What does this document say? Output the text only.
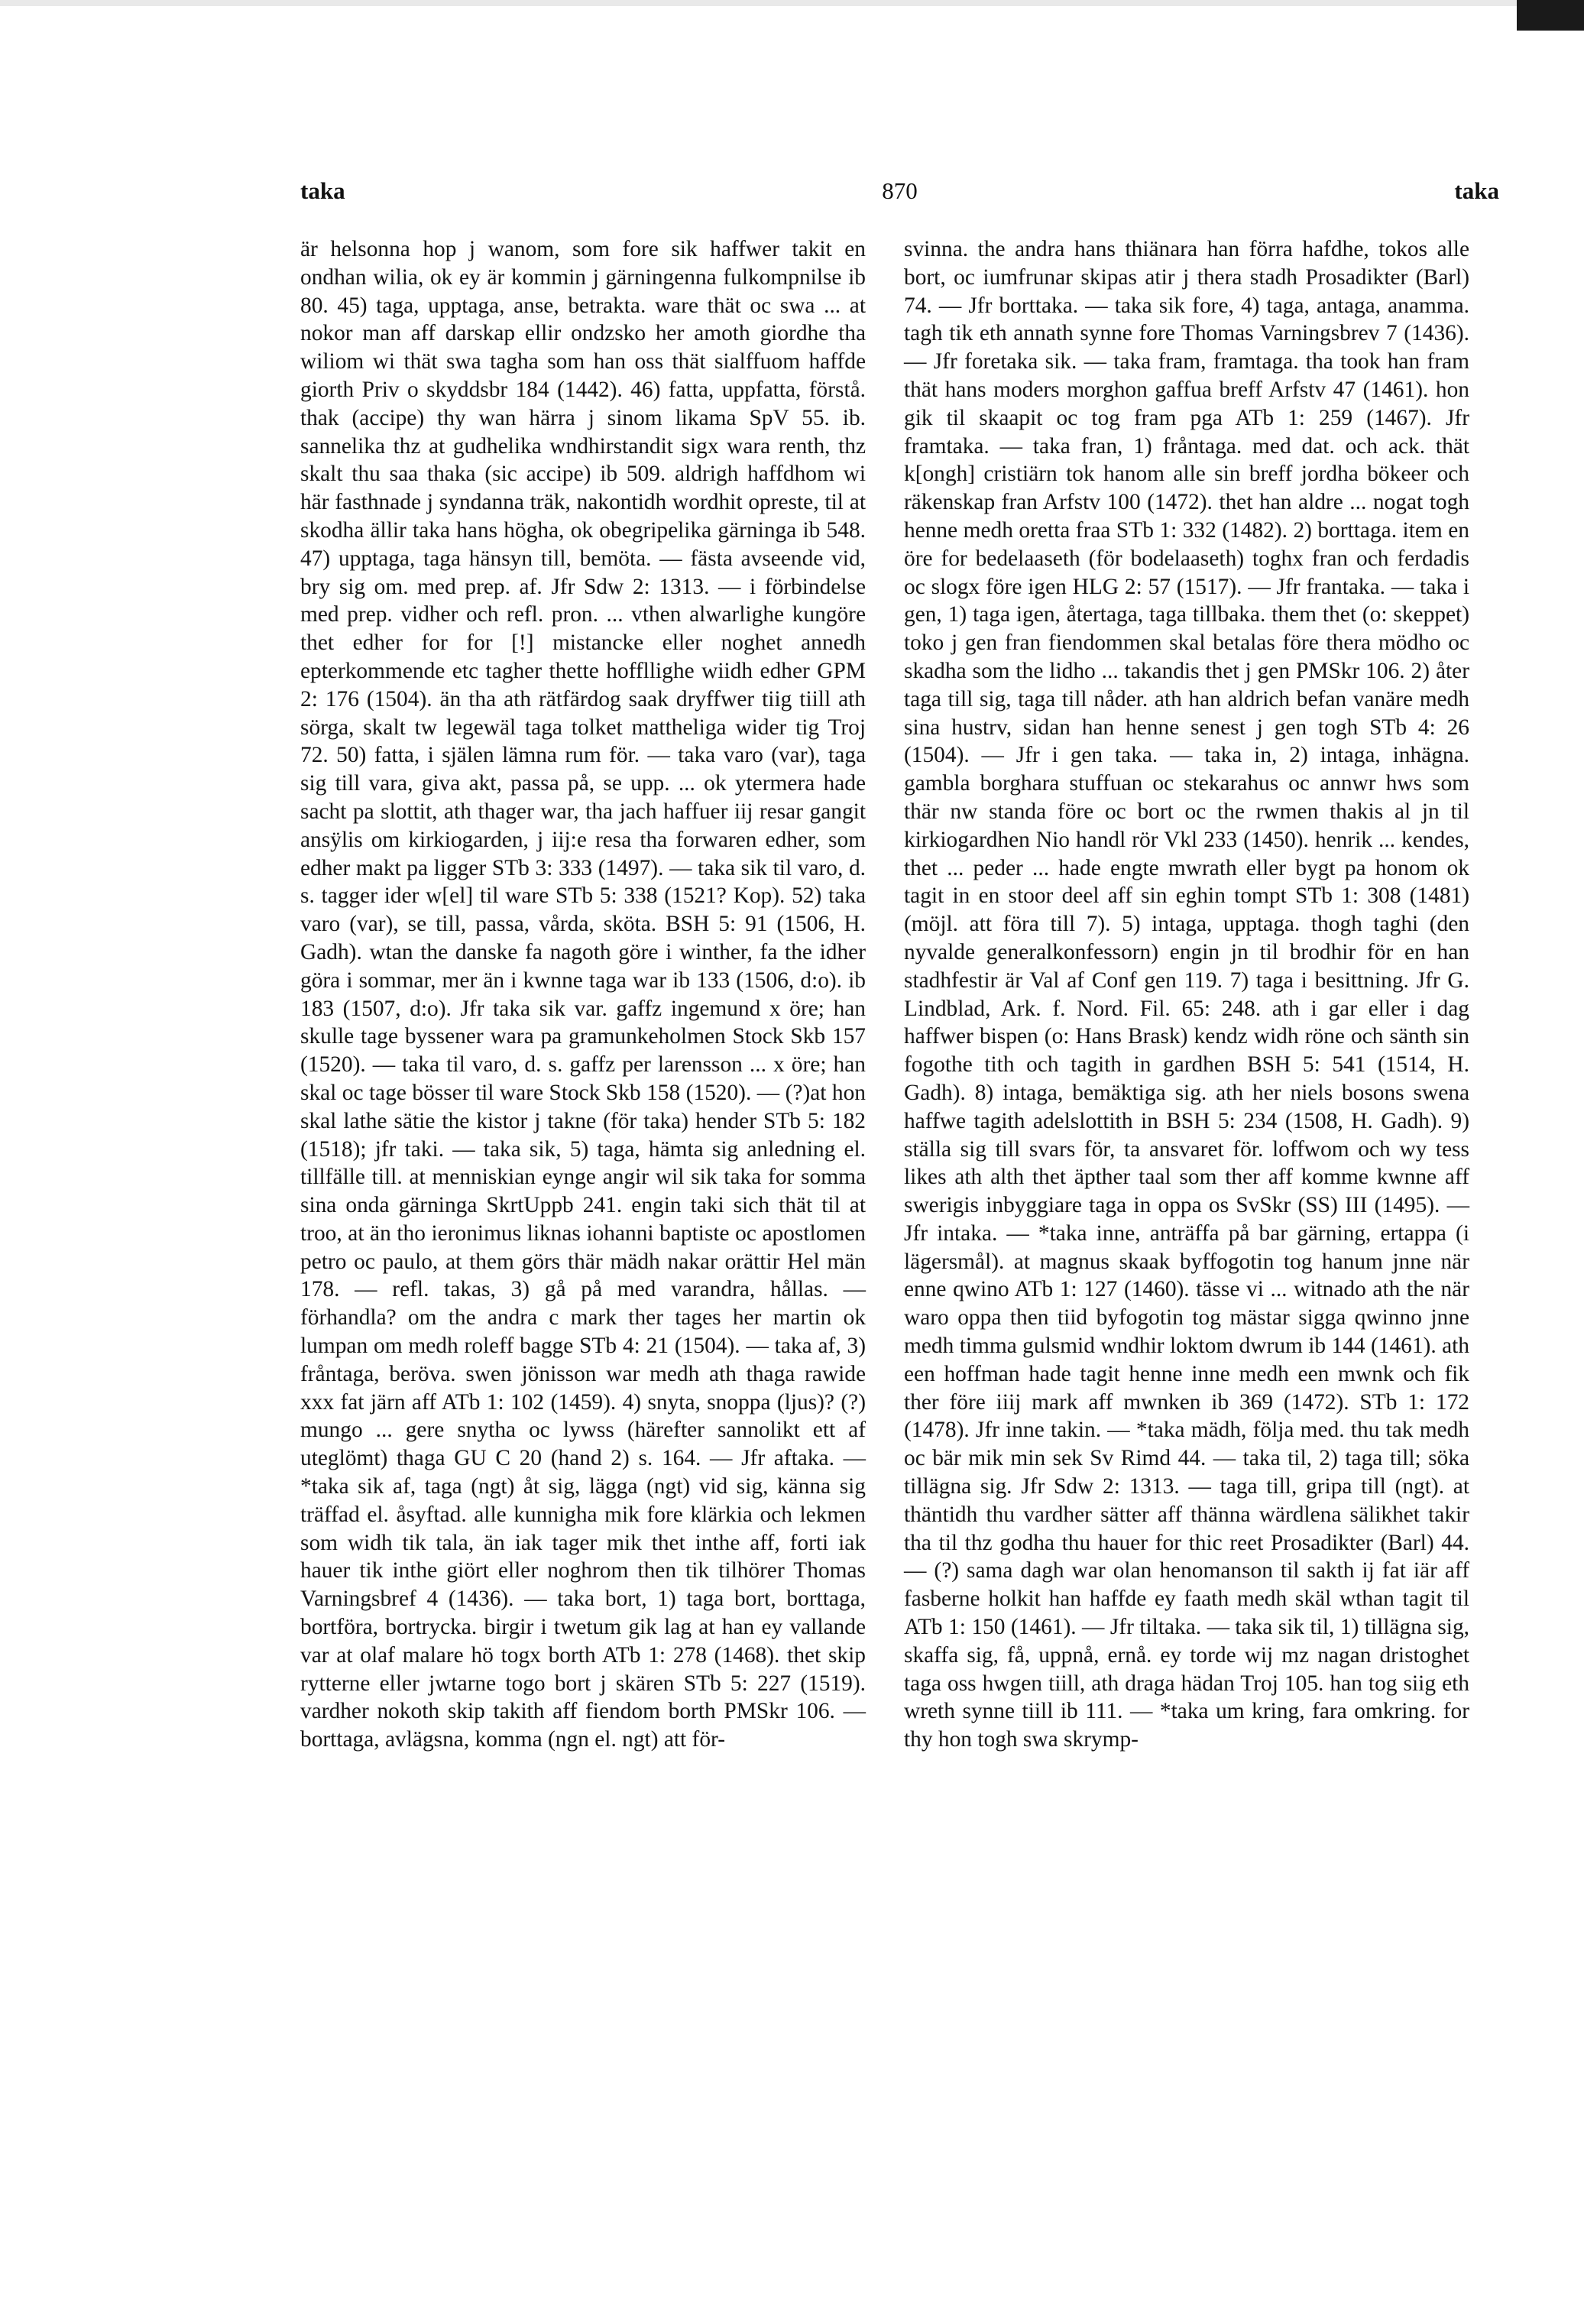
taka	870	taka

är helsonna hop j wanom, som fore sik haffwer takit en ondhan wilia, ok ey är kommin j gärningenna fulkompnilse ib 80. 45) taga, upptaga, anse, betrakta. ware thät oc swa ... at nokor man aff darskap ellir ondzsko her amoth giordhe tha wiliom wi thät swa tagha som han oss thät sialffuom haffde giorth Priv o skyddsbr 184 (1442). 46) fatta, uppfatta, förstå. thak (accipe) thy wan härra j sinom likama SpV 55. ib. sannelika thz at gudhelika wndhirstandit sigx wara renth, thz skalt thu saa thaka (sic accipe) ib 509. aldrigh haffdhom wi här fasthnade j syndanna träk, nakontidh wordhit opreste, til at skodha ällir taka hans högha, ok obegripelika gärninga ib 548. 47) upptaga, taga hänsyn till, bemöta. — fästa avseende vid, bry sig om. med prep. af. Jfr Sdw 2: 1313. — i förbindelse med prep. vidher och refl. pron. ... vthen alwarlighe kungöre thet edher for for [!] mistancke eller noghet annedh epterkommende etc tagher thette hoffllighe wiidh edher GPM 2: 176 (1504). än tha ath rätfärdog saak dryffwer tiig tiill ath sörga, skalt tw legewäl taga tolket mattheliga wider tig Troj 72. 50) fatta, i själen lämna rum för. — taka varo (var), taga sig till vara, giva akt, passa på, se upp. ... ok ytermera hade sacht pa slottit, ath thager war, tha jach haffuer iij resar gangit ansÿlis om kirkiogarden, j iij:e resa tha forwaren edher, som edher makt pa ligger STb 3: 333 (1497). — taka sik til varo, d. s. tagger ider w[el] til ware STb 5: 338 (1521? Kop). 52) taka varo (var), se till, passa, vårda, sköta. BSH 5: 91 (1506, H. Gadh). wtan the danske fa nagoth göre i winther, fa the idher göra i sommar, mer än i kwnne taga war ib 133 (1506, d:o). ib 183 (1507, d:o). Jfr taka sik var. gaffz ingemund x öre; han skulle tage byssener wara pa gramunkeholmen Stock Skb 157 (1520). — taka til varo, d. s. gaffz per larensson ... x öre; han skal oc tage bösser til ware Stock Skb 158 (1520). — (?)at hon skal lathe sätie the kistor j takne (för taka) hender STb 5: 182 (1518); jfr taki. — taka sik, 5) taga, hämta sig anledning el. tillfälle till. at menniskian eynge angir wil sik taka for somma sina onda gärninga SkrtUppb 241. engin taki sich thät til at troo, at än tho ieronimus liknas iohanni baptiste oc apostlomen petro oc paulo, at them görs thär mädh nakar orättir Hel män 178. — refl. takas, 3) gå på med varandra, hållas. — förhandla? om the andra c mark ther tages her martin ok lumpan om medh roleff bagge STb 4: 21 (1504). — taka af, 3) fråntaga, beröva. swen jönisson war medh ath thaga rawide xxx fat järn aff ATb 1: 102 (1459). 4) snyta, snoppa (ljus)? (?) mungo ... gere snytha oc lywss (härefter sannolikt ett af uteglömt) thaga GU C 20 (hand 2) s. 164. — Jfr aftaka. — *taka sik af, taga (ngt) åt sig, lägga (ngt) vid sig, känna sig träffad el. åsyftad. alle kunnigha mik fore klärkia och lekmen som widh tik tala, än iak tager mik thet inthe aff, forti iak hauer tik inthe giört eller noghrom then tik tilhörer Thomas Varningsbref 4 (1436). — taka bort, 1) taga bort, borttaga, bortföra, bortrycka. birgir i twetum gik lag at han ey vallande var at olaf malare hö togx borth ATb 1: 278 (1468). thet skip rytterne eller jwtarne togo bort j skären STb 5: 227 (1519). vardher nokoth skip takith aff fiendom borth PMSkr 106. — borttaga, avlägsna, komma (ngn el. ngt) att för-

svinna. the andra hans thiänara han förra hafdhe, tokos alle bort, oc iumfrunar skipas atir j thera stadh Prosadikter (Barl) 74. — Jfr borttaka. — taka sik fore, 4) taga, antaga, anamma. tagh tik eth annath synne fore Thomas Varningsbrev 7 (1436). — Jfr foretaka sik. — taka fram, framtaga. tha took han fram thät hans moders morghon gaffua breff Arfstv 47 (1461). hon gik til skaapit oc tog fram pga ATb 1: 259 (1467). Jfr framtaka. — taka fran, 1) fråntaga. med dat. och ack. thät k[ongh] cristiärn tok hanom alle sin breff jordha bökeer och räkenskap fran Arfstv 100 (1472). thet han aldre ... nogat togh henne medh oretta fraa STb 1: 332 (1482). 2) borttaga. item en öre for bedelaaseth (för bodelaaseth) toghx fran och ferdadis oc slogx före igen HLG 2: 57 (1517). — Jfr frantaka. — taka i gen, 1) taga igen, återtaga, taga tillbaka. them thet (o: skeppet) toko j gen fran fiendommen skal betalas före thera mödho oc skadha som the lidho ... takandis thet j gen PMSkr 106. 2) åter taga till sig, taga till nåder. ath han aldrich befan vanäre medh sina hustrv, sidan han henne senest j gen togh STb 4: 26 (1504). — Jfr i gen taka. — taka in, 2) intaga, inhägna. gambla borghara stuffuan oc stekarahus oc annwr hws som thär nw standa före oc bort oc the rwmen thakis al jn til kirkiogardhen Nio handl rör Vkl 233 (1450). henrik ... kendes, thet ... peder ... hade engte mwrath eller bygt pa honom ok tagit in en stoor deel aff sin eghin tompt STb 1: 308 (1481) (möjl. att föra till 7). 5) intaga, upptaga. thogh taghi (den nyvalde generalkonfessorn) engin jn til brodhir för en han stadhfestir är Val af Conf gen 119. 7) taga i besittning. Jfr G. Lindblad, Ark. f. Nord. Fil. 65: 248. ath i gar eller i dag haffwer bispen (o: Hans Brask) kendz widh röne och sänth sin fogothe tith och tagith in gardhen BSH 5: 541 (1514, H. Gadh). 8) intaga, bemäktiga sig. ath her niels bosons swena haffwe tagith adelslottith in BSH 5: 234 (1508, H. Gadh). 9) ställa sig till svars för, ta ansvaret för. loffwom och wy tess likes ath alth thet äpther taal som ther aff komme kwnne aff swerigis inbyggiare taga in oppa os SvSkr (SS) III (1495). — Jfr intaka. — *taka inne, anträffa på bar gärning, ertappa (i lägersmål). at magnus skaak byffogotin tog hanum jnne när enne qwino ATb 1: 127 (1460). tässe vi ... witnado ath the när waro oppa then tiid byfogotin tog mästar sigga qwinno jnne medh timma gulsmid wndhir loktom dwrum ib 144 (1461). ath een hoffman hade tagit henne inne medh een mwnk och fik ther före iiij mark aff mwnken ib 369 (1472). STb 1: 172 (1478). Jfr inne takin. — *taka mädh, följa med. thu tak medh oc bär mik min sek Sv Rimd 44. — taka til, 2) taga till; söka tillägna sig. Jfr Sdw 2: 1313. — taga till, gripa till (ngt). at thäntidh thu vardher sätter aff thänna wärdlena sälikhet takir tha til thz godha thu hauer for thic reet Prosadikter (Barl) 44. — (?) sama dagh war olan henomanson til sakth ij fat iär aff fasberne holkit han haffde ey faath medh skäl wthan tagit til ATb 1: 150 (1461). — Jfr tiltaka. — taka sik til, 1) tillägna sig, skaffa sig, få, uppnå, ernå. ey torde wij mz nagan dristoghet taga oss hwgen tiill, ath draga hädan Troj 105. han tog siig eth wreth synne tiill ib 111. — *taka um kring, fara omkring. for thy hon togh swa skrymp-
